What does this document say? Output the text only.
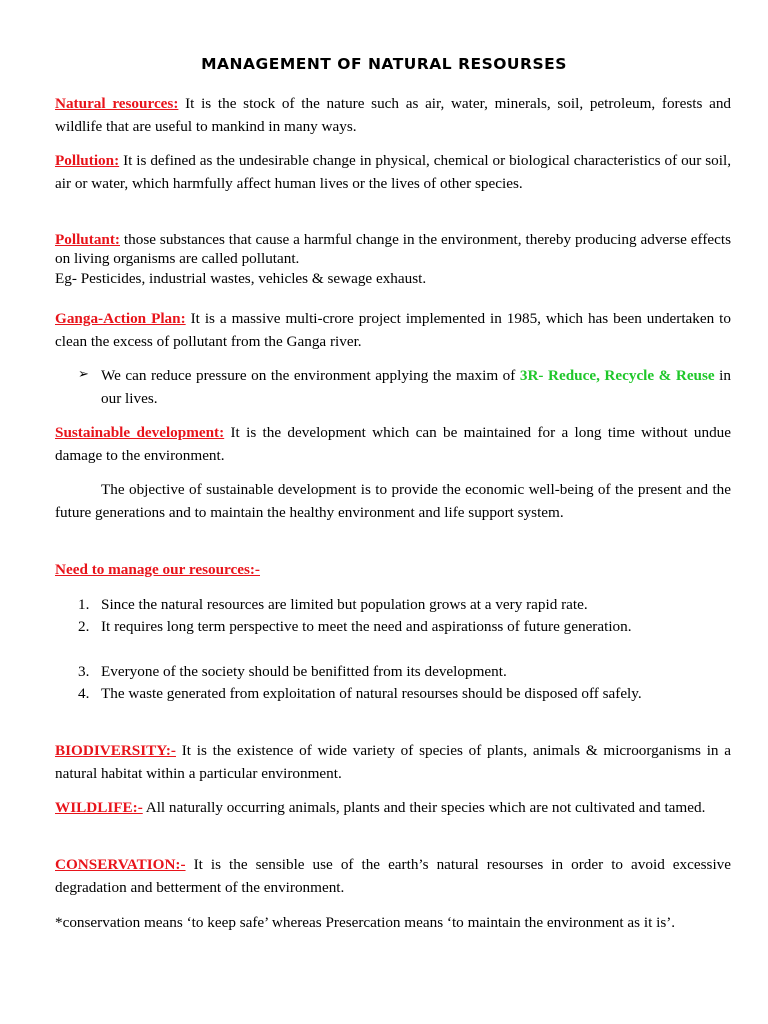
MANAGEMENT OF NATURAL RESOURSES
Natural resources: It is the stock of the nature such as air, water, minerals, soil, petroleum, forests and wildlife that are useful to mankind in many ways.
Pollution: It is defined as the undesirable change in physical, chemical or biological characteristics of our soil, air or water, which harmfully affect human lives or the lives of other species.
Pollutant: those substances that cause a harmful change in the environment, thereby producing adverse effects on living organisms are called pollutant.
Eg- Pesticides, industrial wastes, vehicles & sewage exhaust.
Ganga-Action Plan: It is a massive multi-crore project implemented in 1985, which has been undertaken to clean the excess of pollutant from the Ganga river.
➢ We can reduce pressure on the environment applying the maxim of 3R- Reduce, Recycle & Reuse in our lives.
Sustainable development: It is the development which can be maintained for a long time without undue damage to the environment.
The objective of sustainable development is to provide the economic well-being of the present and the future generations and to maintain the healthy environment and life support system.
Need to manage our resources:-
1. Since the natural resources are limited but population grows at a very rapid rate.
2. It requires long term perspective to meet the need and aspirationss of future generation.
3. Everyone of the society should be benifitted from its development.
4. The waste generated from exploitation of natural resourses should be disposed off safely.
BIODIVERSITY:- It is the existence of wide variety of species of plants, animals & microorganisms in a natural habitat within a particular environment.
WILDLIFE:- All naturally occurring animals, plants and their species which are not cultivated and tamed.
CONSERVATION:- It is the sensible use of the earth’s natural resourses in order to avoid excessive degradation and betterment of the environment.
*conservation means ‘to keep safe’ whereas Presercation means ‘to maintain the environment as it is’.
